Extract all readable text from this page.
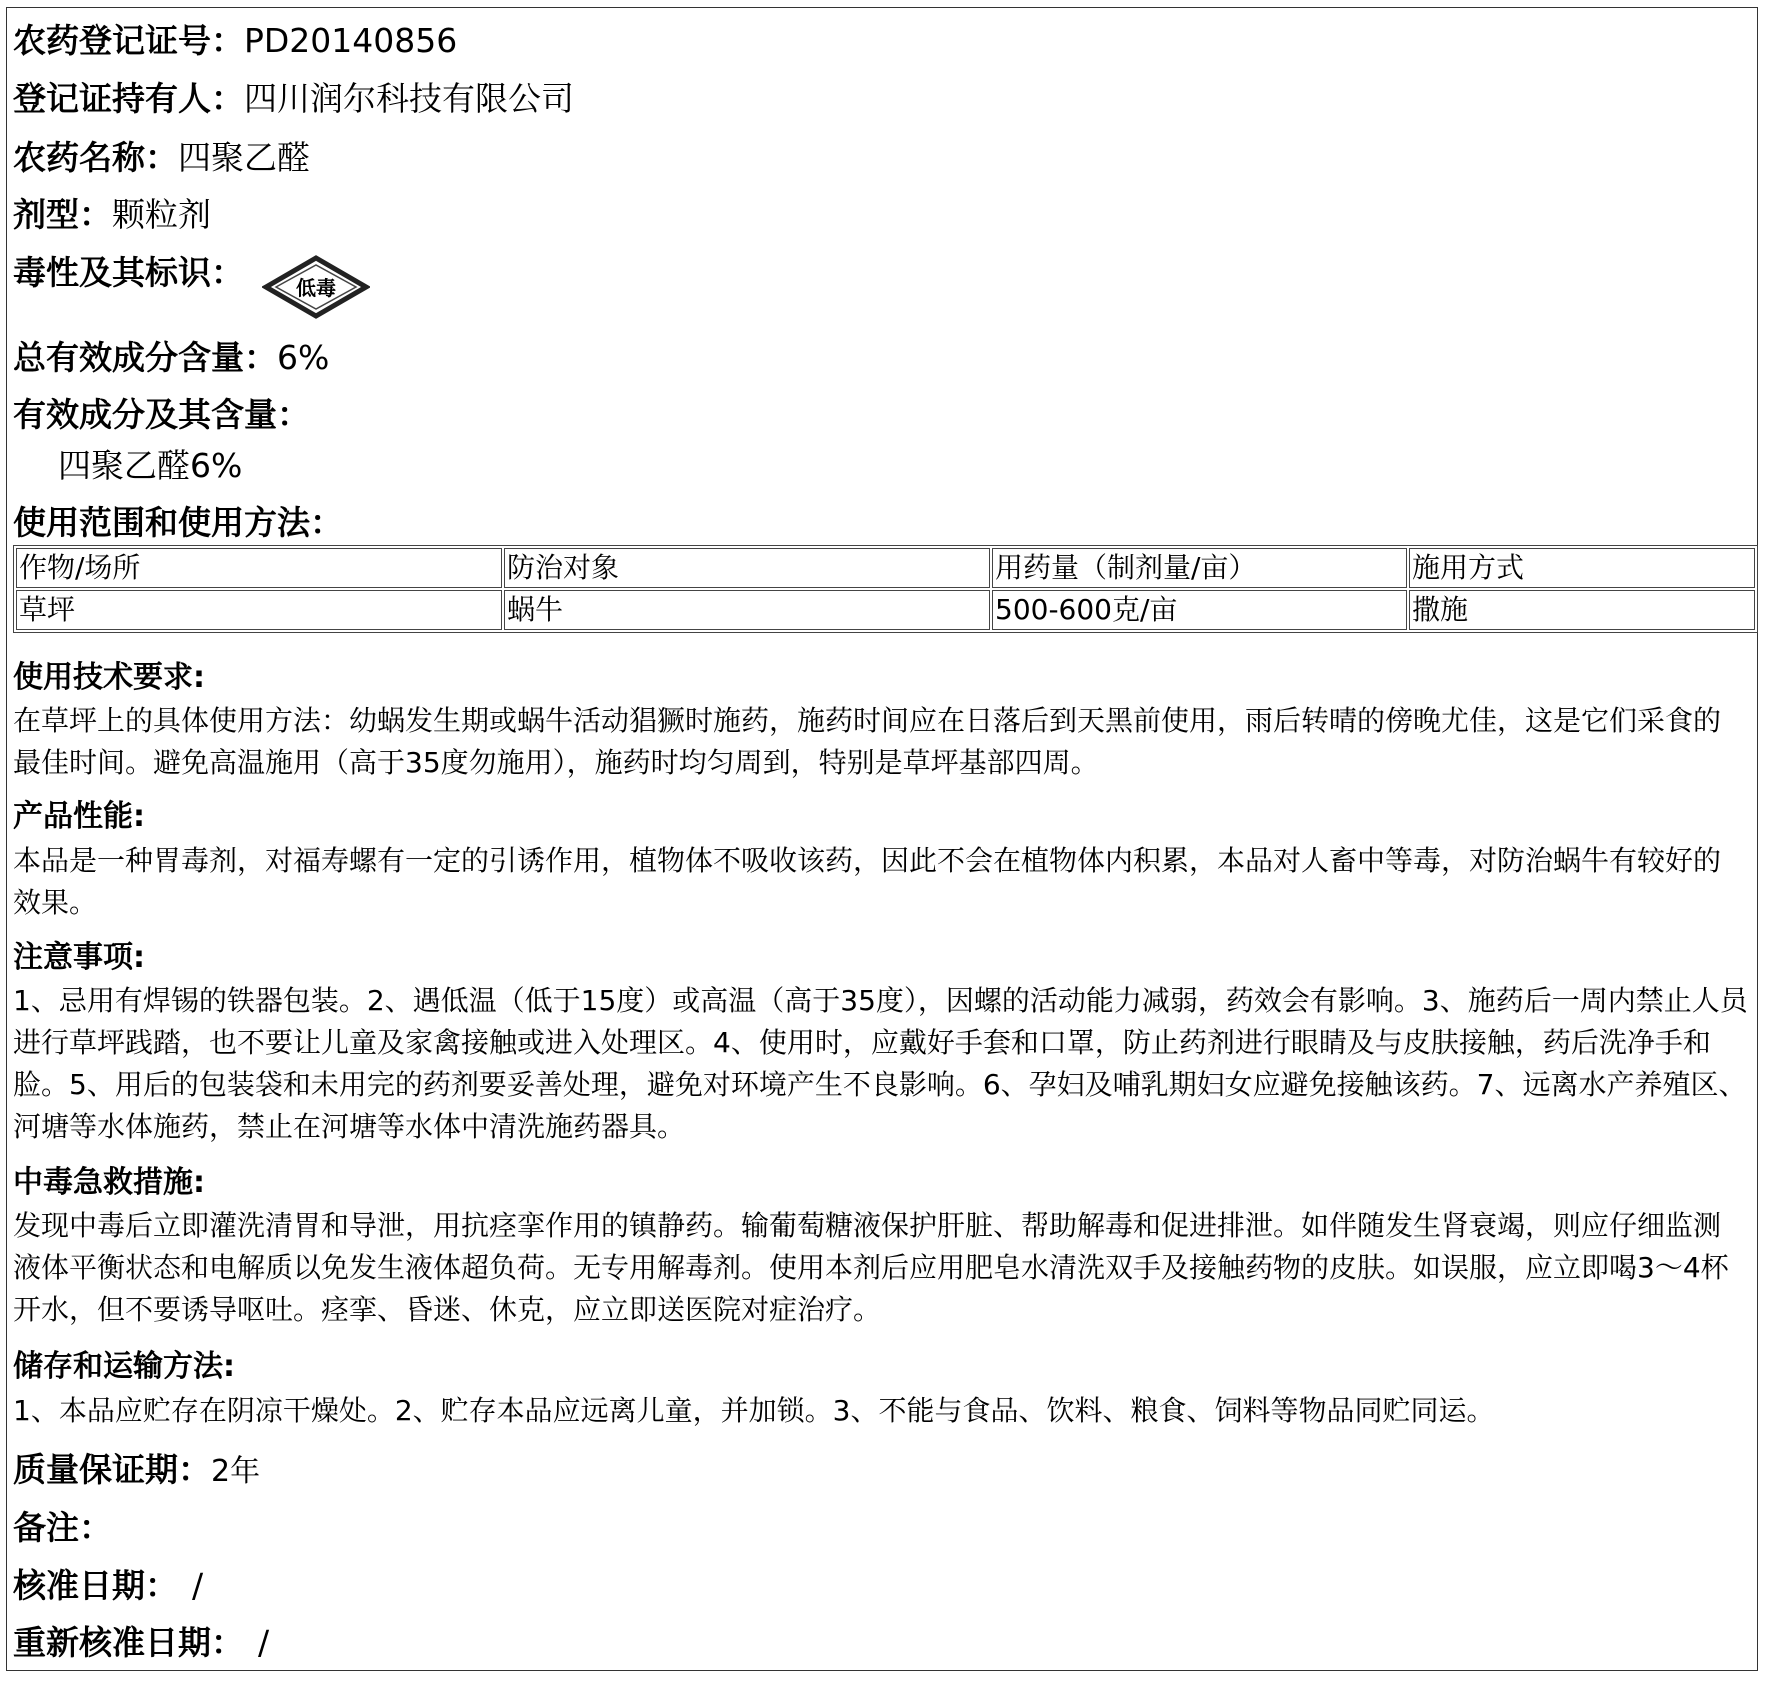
农药登记证号：PD20140856
登记证持有人：四川润尔科技有限公司
农药名称：四聚乙醛
剂型：颗粒剂
毒性及其标识：	低毒
总有效成分含量：6%
有效成分及其含量：
四聚乙醛6%
使用范围和使用方法：
作物/场所	防治对象	用药量（制剂量/亩）	施用方式
草坪	蜗牛	500-600克/亩	撒施
使用技术要求:

在草坪上的具体使用方法：幼蜗发生期或蜗牛活动猖獗时施药，施药时间应在日落后到天黑前使用，雨后转晴的傍晚尤佳，这是它们采食的最佳时间。避免高温施用（高于35度勿施用），施药时均匀周到，特别是草坪基部四周。

产品性能:

本品是一种胃毒剂，对福寿螺有一定的引诱作用，植物体不吸收该药，因此不会在植物体内积累，本品对人畜中等毒，对防治蜗牛有较好的效果。

注意事项:

1、忌用有焊锡的铁器包装。2、遇低温（低于15度）或高温（高于35度），因螺的活动能力减弱，药效会有影响。3、施药后一周内禁止人员进行草坪践踏，也不要让儿童及家禽接触或进入处理区。4、使用时，应戴好手套和口罩，防止药剂进行眼睛及与皮肤接触，药后洗净手和脸。5、用后的包装袋和未用完的药剂要妥善处理，避免对环境产生不良影响。6、孕妇及哺乳期妇女应避免接触该药。7、远离水产养殖区、河塘等水体施药，禁止在河塘等水体中清洗施药器具。

中毒急救措施:

发现中毒后立即灌洗清胃和导泄，用抗痉挛作用的镇静药。输葡萄糖液保护肝脏、帮助解毒和促进排泄。如伴随发生肾衰竭，则应仔细监测液体平衡状态和电解质以免发生液体超负荷。无专用解毒剂。使用本剂后应用肥皂水清洗双手及接触药物的皮肤。如误服，应立即喝3～4杯开水，但不要诱导呕吐。痉挛、昏迷、休克，应立即送医院对症治疗。

储存和运输方法:

1、本品应贮存在阴凉干燥处。2、贮存本品应远离儿童，并加锁。3、不能与食品、饮料、粮食、饲料等物品同贮同运。

质量保证期：2年
备注：
核准日期： /
重新核准日期： /
